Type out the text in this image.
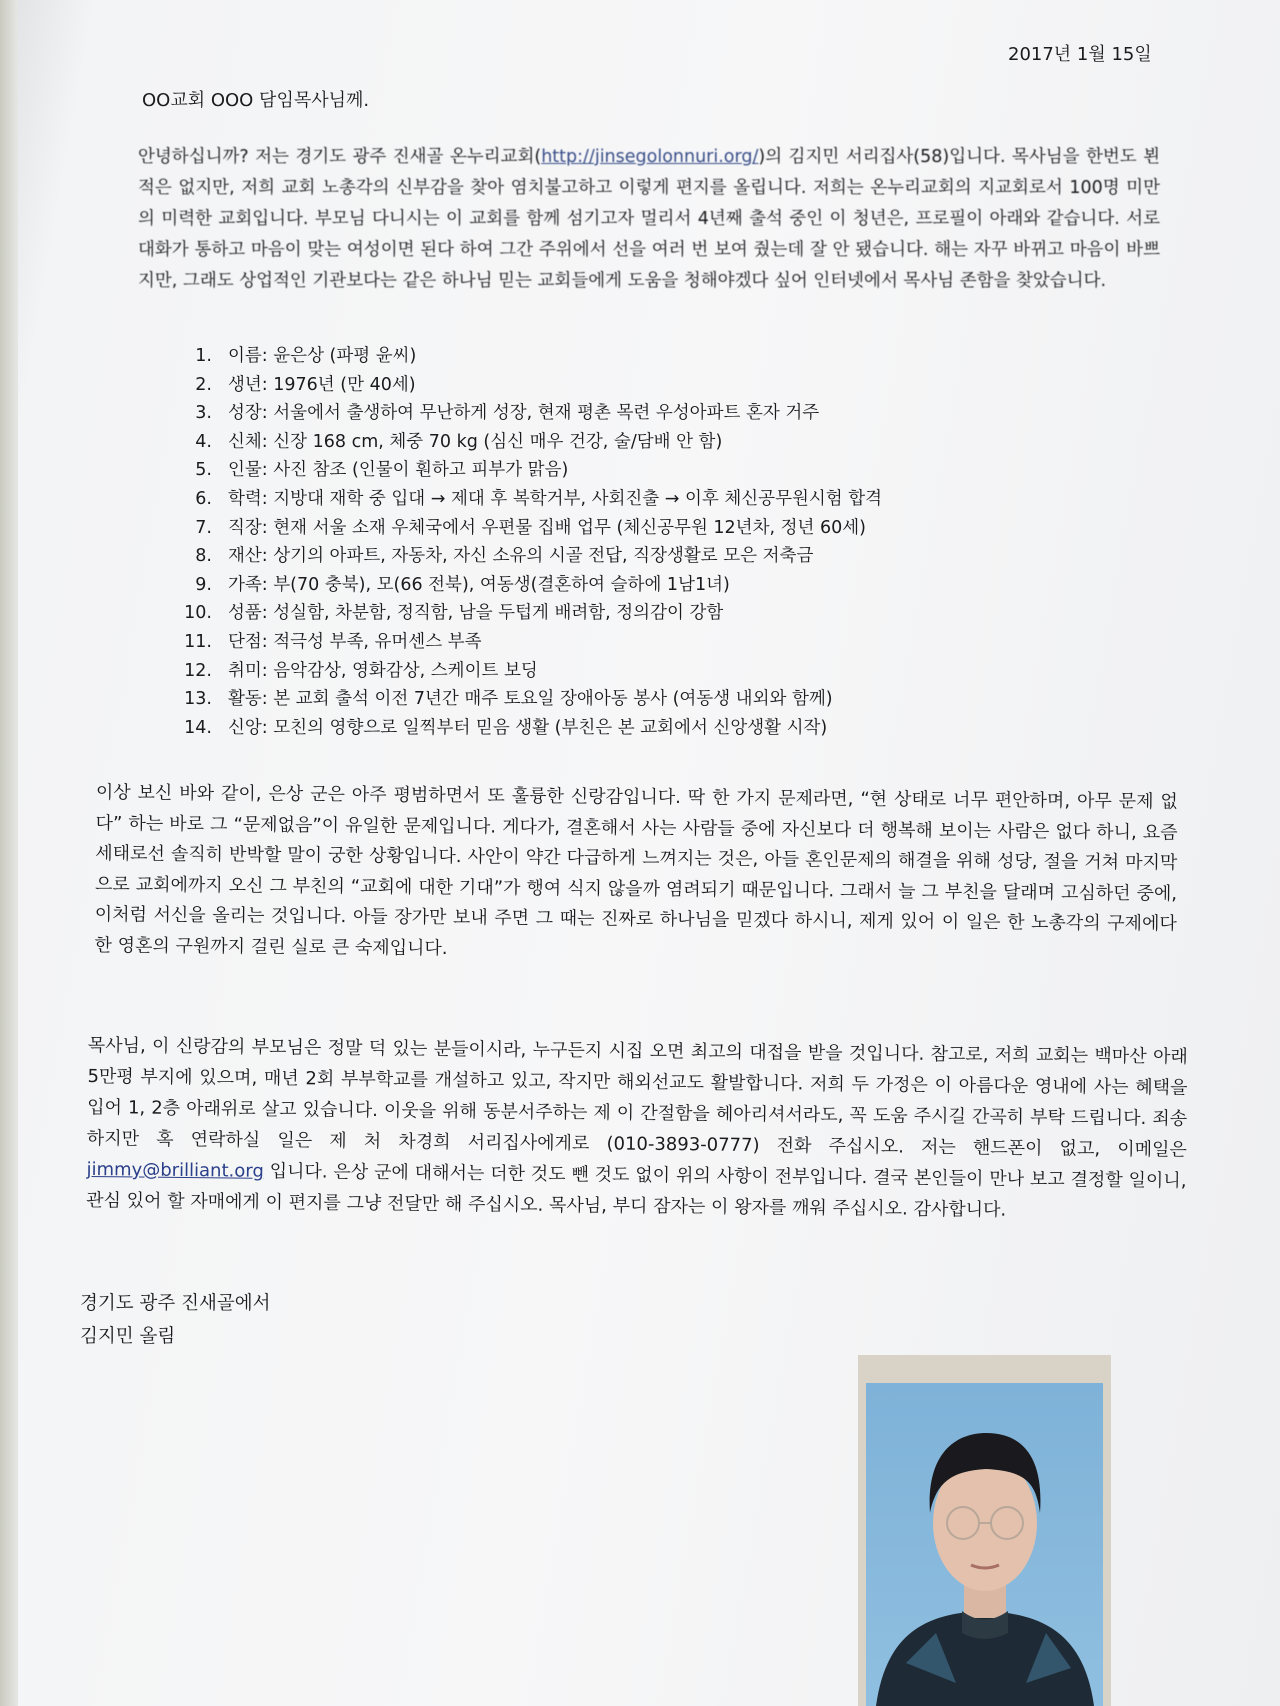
2017년 1월 15일
OO교회 OOO 담임목사님께.
안녕하십니까? 저는 경기도 광주 진새골 온누리교회(http://jinsegolonnuri.org/)의 김지민 서리집사(58)입니다. 목사님을 한번도 뵌 적은 없지만, 저희 교회 노총각의 신부감을 찾아 염치불고하고 이렇게 편지를 올립니다. 저희는 온누리교회의 지교회로서 100명 미만의 미력한 교회입니다. 부모님 다니시는 이 교회를 함께 섬기고자 멀리서 4년째 출석 중인 이 청년은, 프로필이 아래와 같습니다. 서로 대화가 통하고 마음이 맞는 여성이면 된다 하여 그간 주위에서 선을 여러 번 보여 줬는데 잘 안 됐습니다. 해는 자꾸 바뀌고 마음이 바쁘지만, 그래도 상업적인 기관보다는 같은 하나님 믿는 교회들에게 도움을 청해야겠다 싶어 인터넷에서 목사님 존함을 찾았습니다.
1. 이름: 윤은상 (파평 윤씨)
2. 생년: 1976년 (만 40세)
3. 성장: 서울에서 출생하여 무난하게 성장, 현재 평촌 목련 우성아파트 혼자 거주
4. 신체: 신장 168 cm, 체중 70 kg (심신 매우 건강, 술/담배 안 함)
5. 인물: 사진 참조 (인물이 훤하고 피부가 맑음)
6. 학력: 지방대 재학 중 입대 → 제대 후 복학거부, 사회진출 → 이후 체신공무원시험 합격
7. 직장: 현재 서울 소재 우체국에서 우편물 집배 업무 (체신공무원 12년차, 정년 60세)
8. 재산: 상기의 아파트, 자동차, 자신 소유의 시골 전답, 직장생활로 모은 저축금
9. 가족: 부(70 충북), 모(66 전북), 여동생(결혼하여 슬하에 1남1녀)
10. 성품: 성실함, 차분함, 정직함, 남을 두텁게 배려함, 정의감이 강함
11. 단점: 적극성 부족, 유머센스 부족
12. 취미: 음악감상, 영화감상, 스케이트 보딩
13. 활동: 본 교회 출석 이전 7년간 매주 토요일 장애아동 봉사 (여동생 내외와 함께)
14. 신앙: 모친의 영향으로 일찍부터 믿음 생활 (부친은 본 교회에서 신앙생활 시작)
이상 보신 바와 같이, 은상 군은 아주 평범하면서 또 훌륭한 신랑감입니다. 딱 한 가지 문제라면, “현 상태로 너무 편안하며, 아무 문제 없다” 하는 바로 그 “문제없음”이 유일한 문제입니다. 게다가, 결혼해서 사는 사람들 중에 자신보다 더 행복해 보이는 사람은 없다 하니, 요즘 세태로선 솔직히 반박할 말이 궁한 상황입니다. 사안이 약간 다급하게 느껴지는 것은, 아들 혼인문제의 해결을 위해 성당, 절을 거쳐 마지막으로 교회에까지 오신 그 부친의 “교회에 대한 기대”가 행여 식지 않을까 염려되기 때문입니다. 그래서 늘 그 부친을 달래며 고심하던 중에, 이처럼 서신을 올리는 것입니다. 아들 장가만 보내 주면 그 때는 진짜로 하나님을 믿겠다 하시니, 제게 있어 이 일은 한 노총각의 구제에다 한 영혼의 구원까지 걸린 실로 큰 숙제입니다.
목사님, 이 신랑감의 부모님은 정말 덕 있는 분들이시라, 누구든지 시집 오면 최고의 대접을 받을 것입니다. 참고로, 저희 교회는 백마산 아래 5만평 부지에 있으며, 매년 2회 부부학교를 개설하고 있고, 작지만 해외선교도 활발합니다. 저희 두 가정은 이 아름다운 영내에 사는 혜택을 입어 1, 2층 아래위로 살고 있습니다. 이웃을 위해 동분서주하는 제 이 간절함을 헤아리셔서라도, 꼭 도움 주시길 간곡히 부탁 드립니다. 죄송하지만 혹 연락하실 일은 제 처 차경희 서리집사에게로 (010-3893-0777) 전화 주십시오. 저는 핸드폰이 없고, 이메일은 jimmy@brilliant.org 입니다. 은상 군에 대해서는 더한 것도 뺀 것도 없이 위의 사항이 전부입니다. 결국 본인들이 만나 보고 결정할 일이니, 관심 있어 할 자매에게 이 편지를 그냥 전달만 해 주십시오. 목사님, 부디 잠자는 이 왕자를 깨워 주십시오. 감사합니다.
경기도 광주 진새골에서
김지민 올림
